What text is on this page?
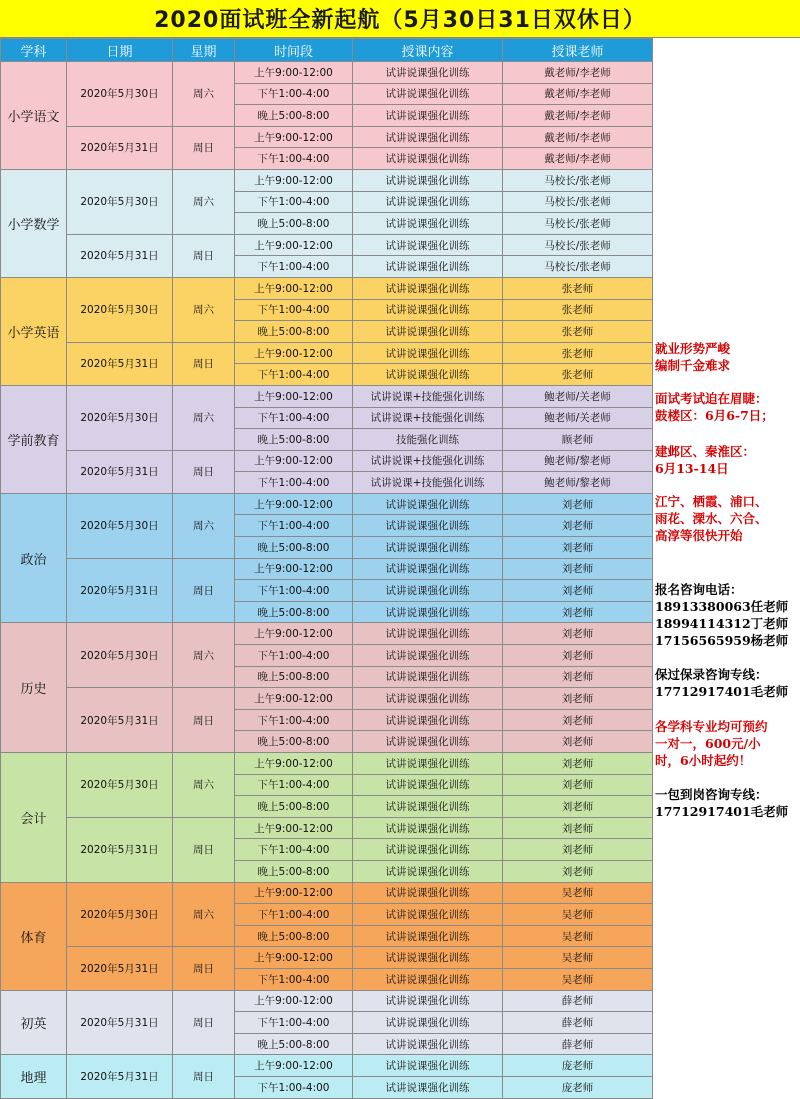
2020面试班全新起航（5月30日31日双休日）
学科	日期	星期	时间段	授课内容	授课老师
小学语文	2020年5月30日	周六	上午9:00-12:00	试讲说课强化训练	戴老师/李老师
			下午1:00-4:00	试讲说课强化训练	戴老师/李老师
			晚上5:00-8:00	试讲说课强化训练	戴老师/李老师
	2020年5月31日	周日	上午9:00-12:00	试讲说课强化训练	戴老师/李老师
			下午1:00-4:00	试讲说课强化训练	戴老师/李老师
小学数学	2020年5月30日	周六	上午9:00-12:00	试讲说课强化训练	马校长/张老师
			下午1:00-4:00	试讲说课强化训练	马校长/张老师
			晚上5:00-8:00	试讲说课强化训练	马校长/张老师
	2020年5月31日	周日	上午9:00-12:00	试讲说课强化训练	马校长/张老师
			下午1:00-4:00	试讲说课强化训练	马校长/张老师
小学英语	2020年5月30日	周六	上午9:00-12:00	试讲说课强化训练	张老师
			下午1:00-4:00	试讲说课强化训练	张老师
			晚上5:00-8:00	试讲说课强化训练	张老师
	2020年5月31日	周日	上午9:00-12:00	试讲说课强化训练	张老师
			下午1:00-4:00	试讲说课强化训练	张老师
学前教育	2020年5月30日	周六	上午9:00-12:00	试讲说课+技能强化训练	鲍老师/关老师
			下午1:00-4:00	试讲说课+技能强化训练	鲍老师/关老师
			晚上5:00-8:00	技能强化训练	顾老师
	2020年5月31日	周日	上午9:00-12:00	试讲说课+技能强化训练	鲍老师/黎老师
			下午1:00-4:00	试讲说课+技能强化训练	鲍老师/黎老师
政治	2020年5月30日	周六	上午9:00-12:00	试讲说课强化训练	刘老师
			下午1:00-4:00	试讲说课强化训练	刘老师
			晚上5:00-8:00	试讲说课强化训练	刘老师
	2020年5月31日	周日	上午9:00-12:00	试讲说课强化训练	刘老师
			下午1:00-4:00	试讲说课强化训练	刘老师
			晚上5:00-8:00	试讲说课强化训练	刘老师
历史	2020年5月30日	周六	上午9:00-12:00	试讲说课强化训练	刘老师
			下午1:00-4:00	试讲说课强化训练	刘老师
			晚上5:00-8:00	试讲说课强化训练	刘老师
	2020年5月31日	周日	上午9:00-12:00	试讲说课强化训练	刘老师
			下午1:00-4:00	试讲说课强化训练	刘老师
			晚上5:00-8:00	试讲说课强化训练	刘老师
会计	2020年5月30日	周六	上午9:00-12:00	试讲说课强化训练	刘老师
			下午1:00-4:00	试讲说课强化训练	刘老师
			晚上5:00-8:00	试讲说课强化训练	刘老师
	2020年5月31日	周日	上午9:00-12:00	试讲说课强化训练	刘老师
			下午1:00-4:00	试讲说课强化训练	刘老师
			晚上5:00-8:00	试讲说课强化训练	刘老师
体育	2020年5月30日	周六	上午9:00-12:00	试讲说课强化训练	吴老师
			下午1:00-4:00	试讲说课强化训练	吴老师
			晚上5:00-8:00	试讲说课强化训练	吴老师
	2020年5月31日	周日	上午9:00-12:00	试讲说课强化训练	吴老师
			下午1:00-4:00	试讲说课强化训练	吴老师
初英	2020年5月31日	周日	上午9:00-12:00	试讲说课强化训练	薛老师
			下午1:00-4:00	试讲说课强化训练	薛老师
			晚上5:00-8:00	试讲说课强化训练	薛老师
地理	2020年5月31日	周日	上午9:00-12:00	试讲说课强化训练	庞老师
			下午1:00-4:00	试讲说课强化训练	庞老师
就业形势严峻
编制千金难求
面试考试迫在眉睫：
鼓楼区：6月6-7日；
建邺区、秦淮区：
6月13-14日
江宁、栖霞、浦口、
雨花、溧水、六合、
高淳等很快开始
报名咨询电话：
18913380063任老师
18994114312丁老师
17156565959杨老师
保过保录咨询专线：
17712917401毛老师
各学科专业均可预约
一对一，600元/小
时，6小时起约！
一包到岗咨询专线：
17712917401毛老师
